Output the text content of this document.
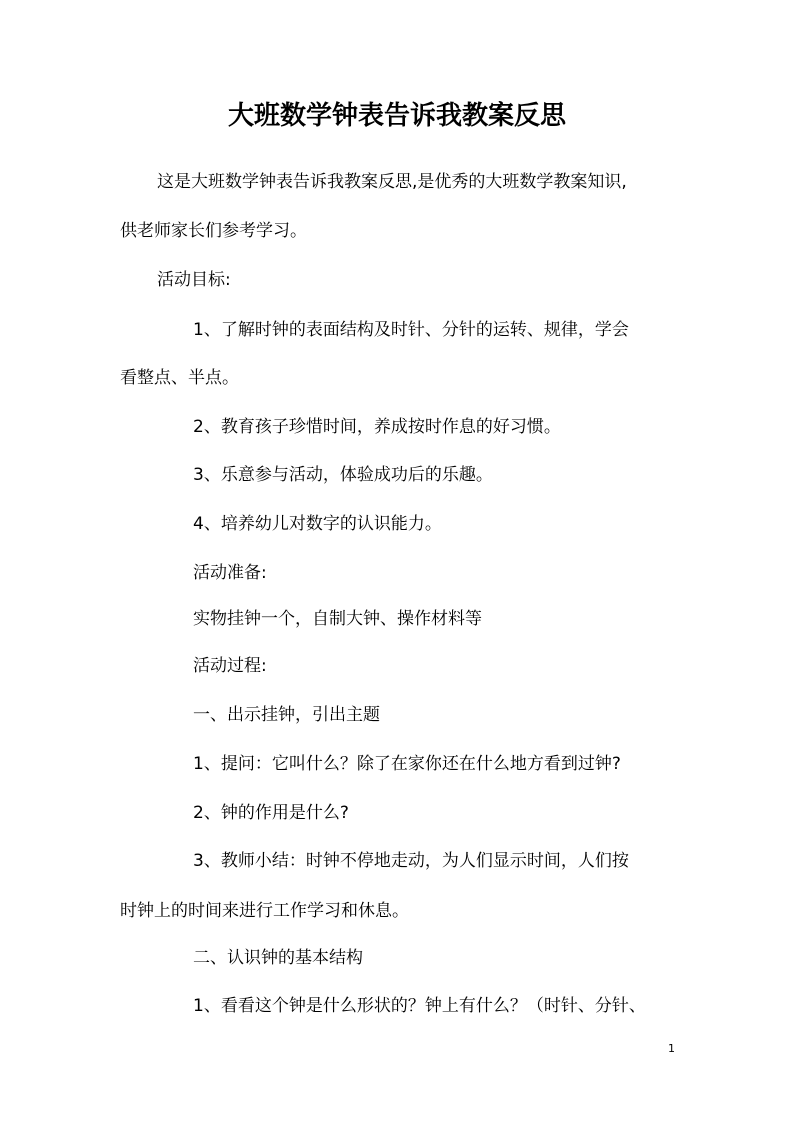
大班数学钟表告诉我教案反思
这是大班数学钟表告诉我教案反思,是优秀的大班数学教案知识,
供老师家长们参考学习。
活动目标:
1、了解时钟的表面结构及时针、分针的运转、规律，学会
看整点、半点。
2、教育孩子珍惜时间，养成按时作息的好习惯。
3、乐意参与活动，体验成功后的乐趣。
4、培养幼儿对数字的认识能力。
活动准备:
实物挂钟一个，自制大钟、操作材料等
活动过程:
一、出示挂钟，引出主题
1、提问：它叫什么？除了在家你还在什么地方看到过钟?
2、钟的作用是什么?
3、教师小结：时钟不停地走动，为人们显示时间，人们按
时钟上的时间来进行工作学习和休息。
二、认识钟的基本结构
1、看看这个钟是什么形状的？钟上有什么？（时针、分针、
1
